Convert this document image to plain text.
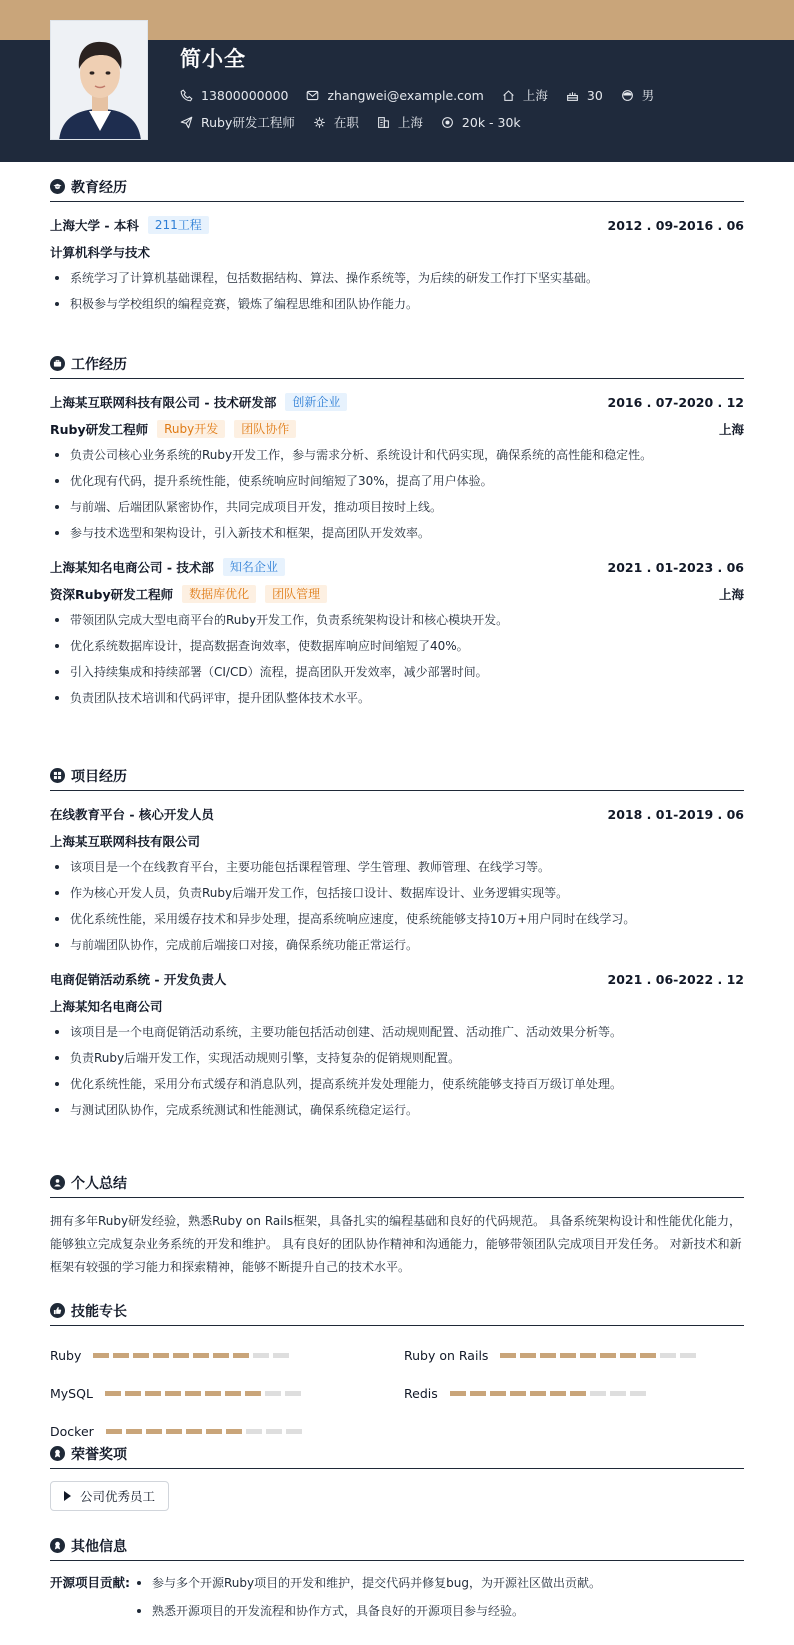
简小全
13800000000	zhangwei@example.com	上海	30	男
Ruby研发工程师	在职	上海	20k - 30k
教育经历
上海大学 - 本科	211工程	2012 . 09-2016 . 06
计算机科学与技术
系统学习了计算机基础课程，包括数据结构、算法、操作系统等，为后续的研发工作打下坚实基础。
积极参与学校组织的编程竞赛，锻炼了编程思维和团队协作能力。
工作经历
上海某互联网科技有限公司 - 技术研发部	创新企业	2016 . 07-2020 . 12
Ruby研发工程师	Ruby开发	团队协作	上海
负责公司核心业务系统的Ruby开发工作，参与需求分析、系统设计和代码实现，确保系统的高性能和稳定性。
优化现有代码，提升系统性能，使系统响应时间缩短了30%，提高了用户体验。
与前端、后端团队紧密协作，共同完成项目开发，推动项目按时上线。
参与技术选型和架构设计，引入新技术和框架，提高团队开发效率。
上海某知名电商公司 - 技术部	知名企业	2021 . 01-2023 . 06
资深Ruby研发工程师	数据库优化	团队管理	上海
带领团队完成大型电商平台的Ruby开发工作，负责系统架构设计和核心模块开发。
优化系统数据库设计，提高数据查询效率，使数据库响应时间缩短了40%。
引入持续集成和持续部署（CI/CD）流程，提高团队开发效率，减少部署时间。
负责团队技术培训和代码评审，提升团队整体技术水平。
项目经历
在线教育平台 - 核心开发人员	2018 . 01-2019 . 06
上海某互联网科技有限公司
该项目是一个在线教育平台，主要功能包括课程管理、学生管理、教师管理、在线学习等。
作为核心开发人员，负责Ruby后端开发工作，包括接口设计、数据库设计、业务逻辑实现等。
优化系统性能，采用缓存技术和异步处理，提高系统响应速度，使系统能够支持10万+用户同时在线学习。
与前端团队协作，完成前后端接口对接，确保系统功能正常运行。
电商促销活动系统 - 开发负责人	2021 . 06-2022 . 12
上海某知名电商公司
该项目是一个电商促销活动系统，主要功能包括活动创建、活动规则配置、活动推广、活动效果分析等。
负责Ruby后端开发工作，实现活动规则引擎，支持复杂的促销规则配置。
优化系统性能，采用分布式缓存和消息队列，提高系统并发处理能力，使系统能够支持百万级订单处理。
与测试团队协作，完成系统测试和性能测试，确保系统稳定运行。
个人总结
拥有多年Ruby研发经验，熟悉Ruby on Rails框架，具备扎实的编程基础和良好的代码规范。 具备系统架构设计和性能优化能力，
能够独立完成复杂业务系统的开发和维护。 具有良好的团队协作精神和沟通能力，能够带领团队完成项目开发任务。 对新技术和新
框架有较强的学习能力和探索精神，能够不断提升自己的技术水平。
技能专长
Ruby	Ruby on Rails
MySQL	Redis
Docker
荣誉奖项
公司优秀员工
其他信息
开源项目贡献:	参与多个开源Ruby项目的开发和维护，提交代码并修复bug，为开源社区做出贡献。
熟悉开源项目的开发流程和协作方式，具备良好的开源项目参与经验。
